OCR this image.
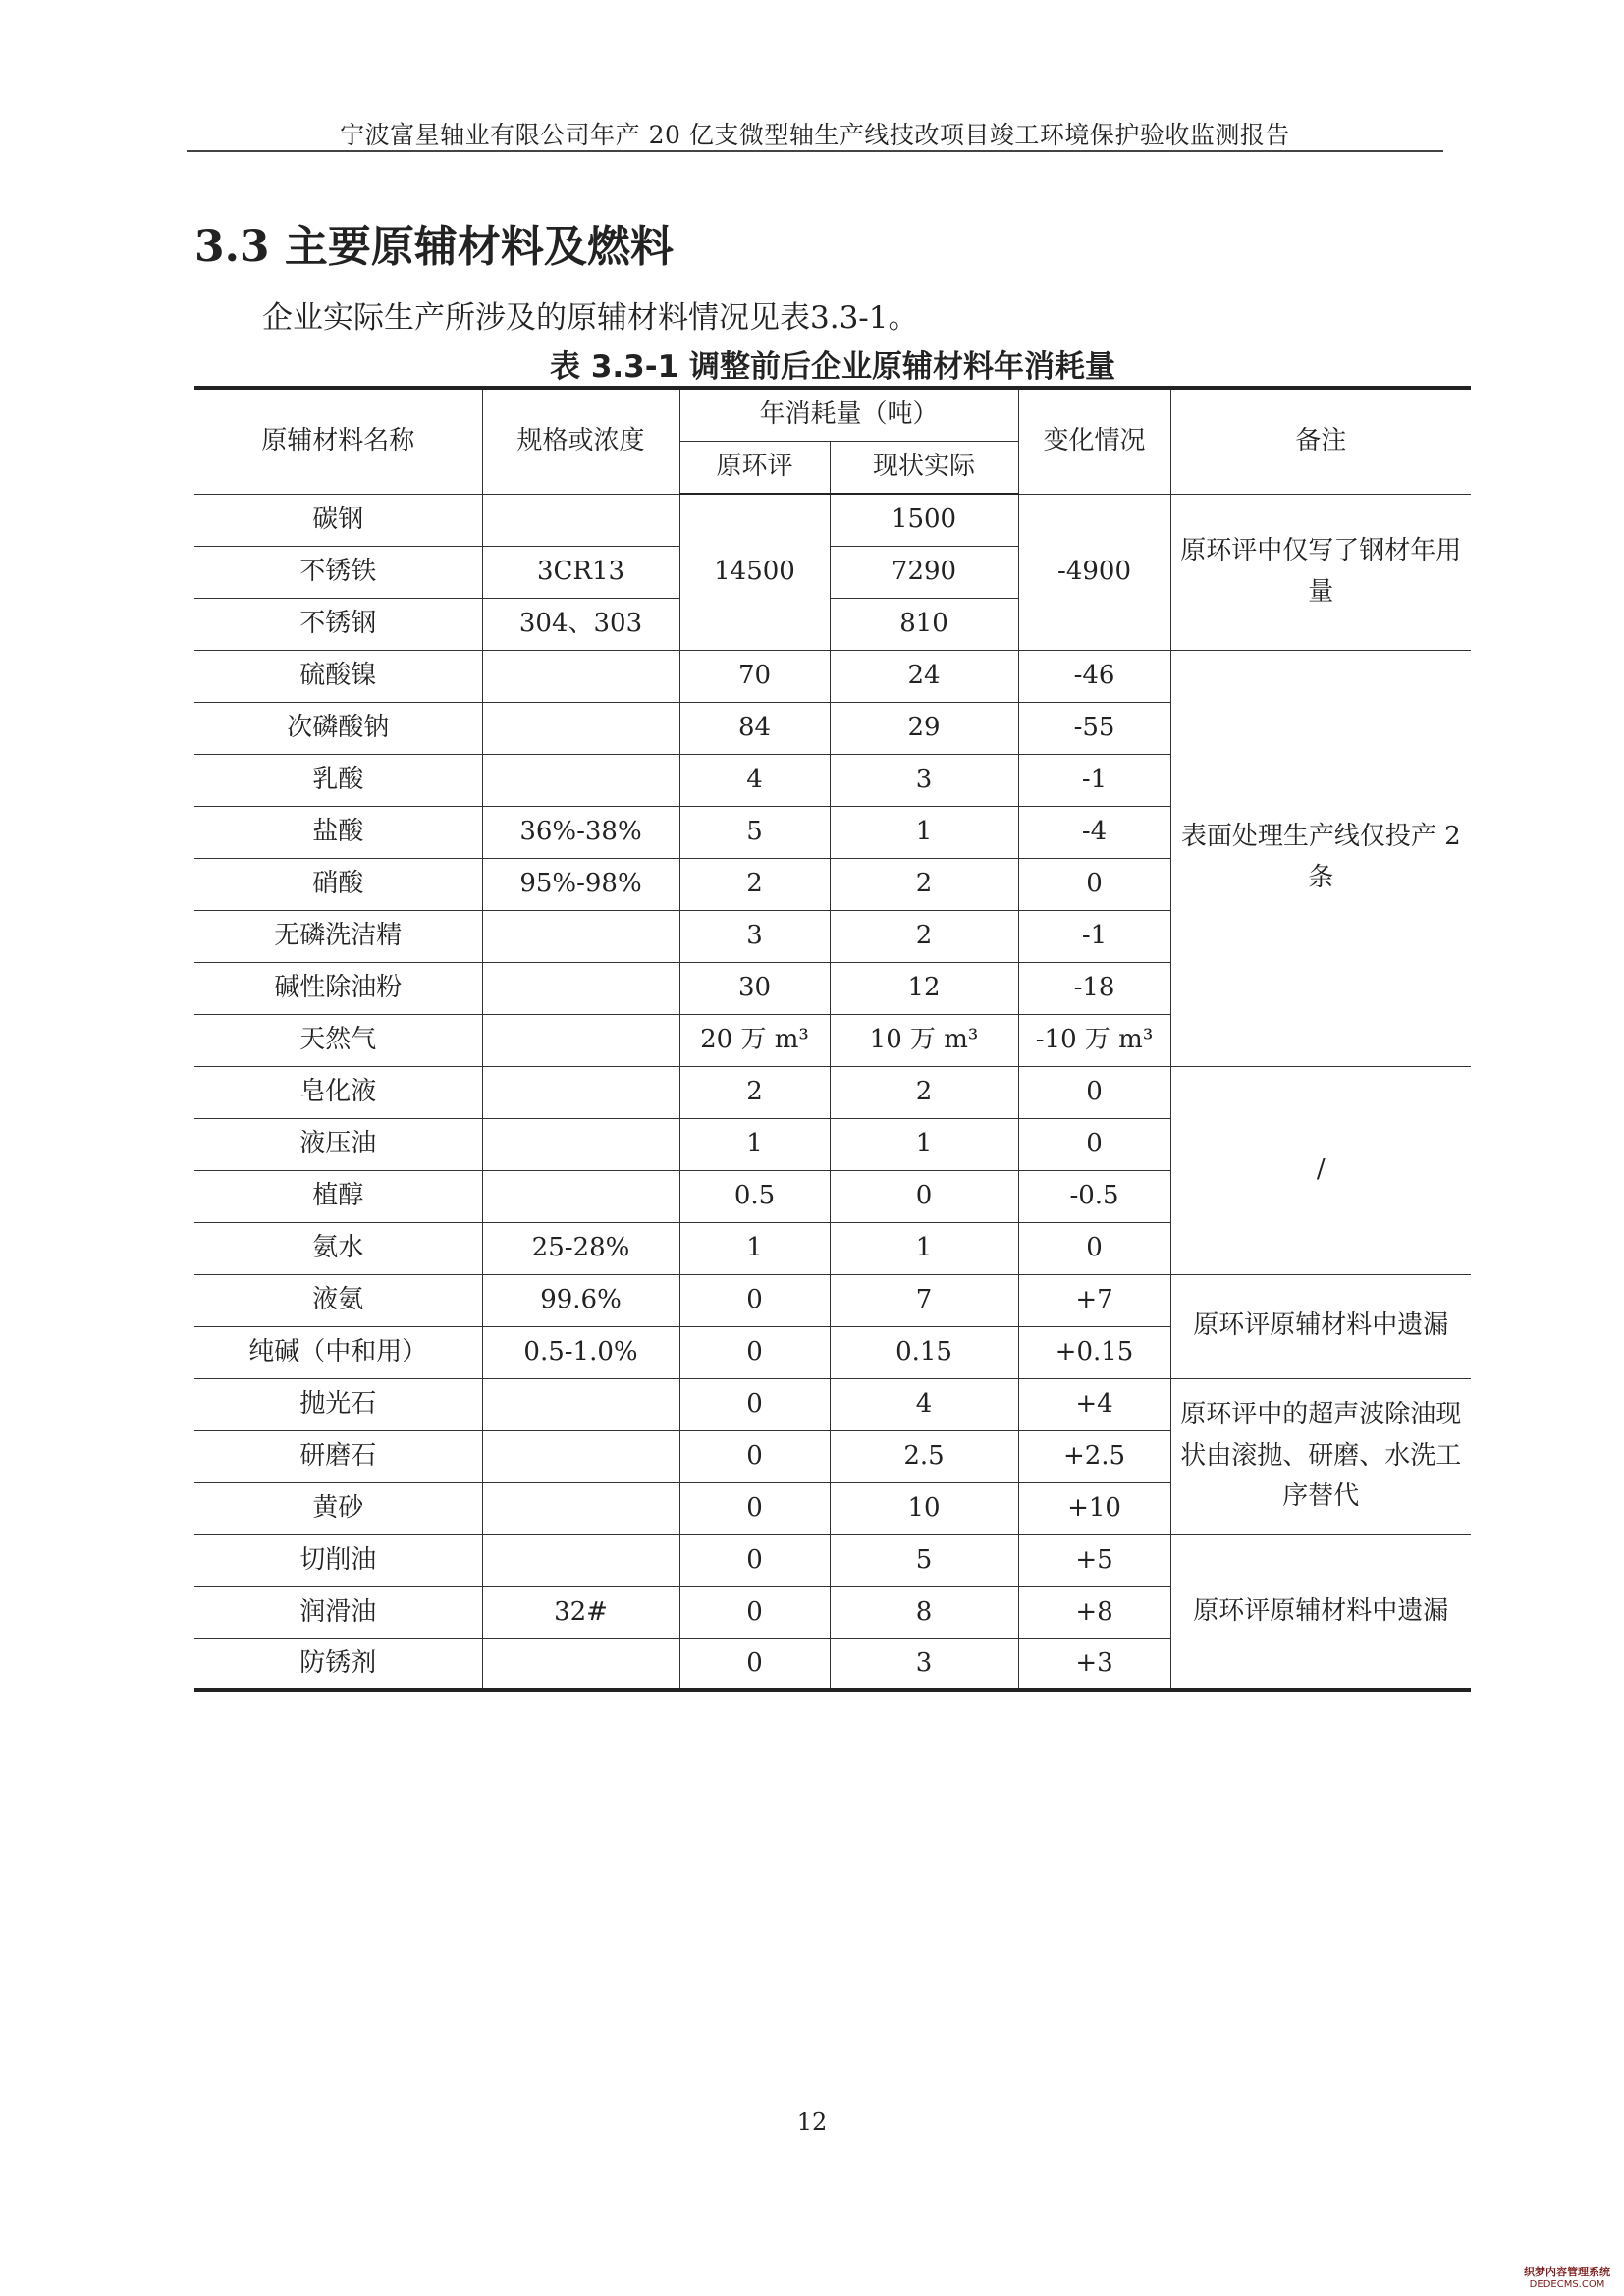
宁波富星轴业有限公司年产 20 亿支微型轴生产线技改项目竣工环境保护验收监测报告
3.3 主要原辅材料及燃料
企业实际生产所涉及的原辅材料情况见表3.3-1。
表 3.3-1 调整前后企业原辅材料年消耗量
原辅材料名称	规格或浓度	年消耗量（吨）		变化情况	备注
		原环评	现状实际		
碳钢		14500	1500	-4900	原环评中仅写了钢材年用量
不锈铁	3CR13		7290		
不锈钢	304、303		810		
硫酸镍		70	24	-46	表面处理生产线仅投产 2 条
次磷酸钠		84	29	-55	
乳酸		4	3	-1	
盐酸	36%-38%	5	1	-4	
硝酸	95%-98%	2	2	0	
无磷洗洁精		3	2	-1	
碱性除油粉		30	12	-18	
天然气		20 万 m³	10 万 m³	-10 万 m³	
皂化液		2	2	0	/
液压油		1	1	0	
植醇		0.5	0	-0.5	
氨水	25-28%	1	1	0	
液氨	99.6%	0	7	+7	原环评原辅材料中遗漏
纯碱（中和用）	0.5-1.0%	0	0.15	+0.15	
抛光石		0	4	+4	原环评中的超声波除油现状由滚抛、研磨、水洗工序替代
研磨石		0	2.5	+2.5	
黄砂		0	10	+10	
切削油		0	5	+5	原环评原辅材料中遗漏
润滑油	32#	0	8	+8	
防锈剂		0	3	+3	
12
织梦内容管理系统
DEDECMS.COM
